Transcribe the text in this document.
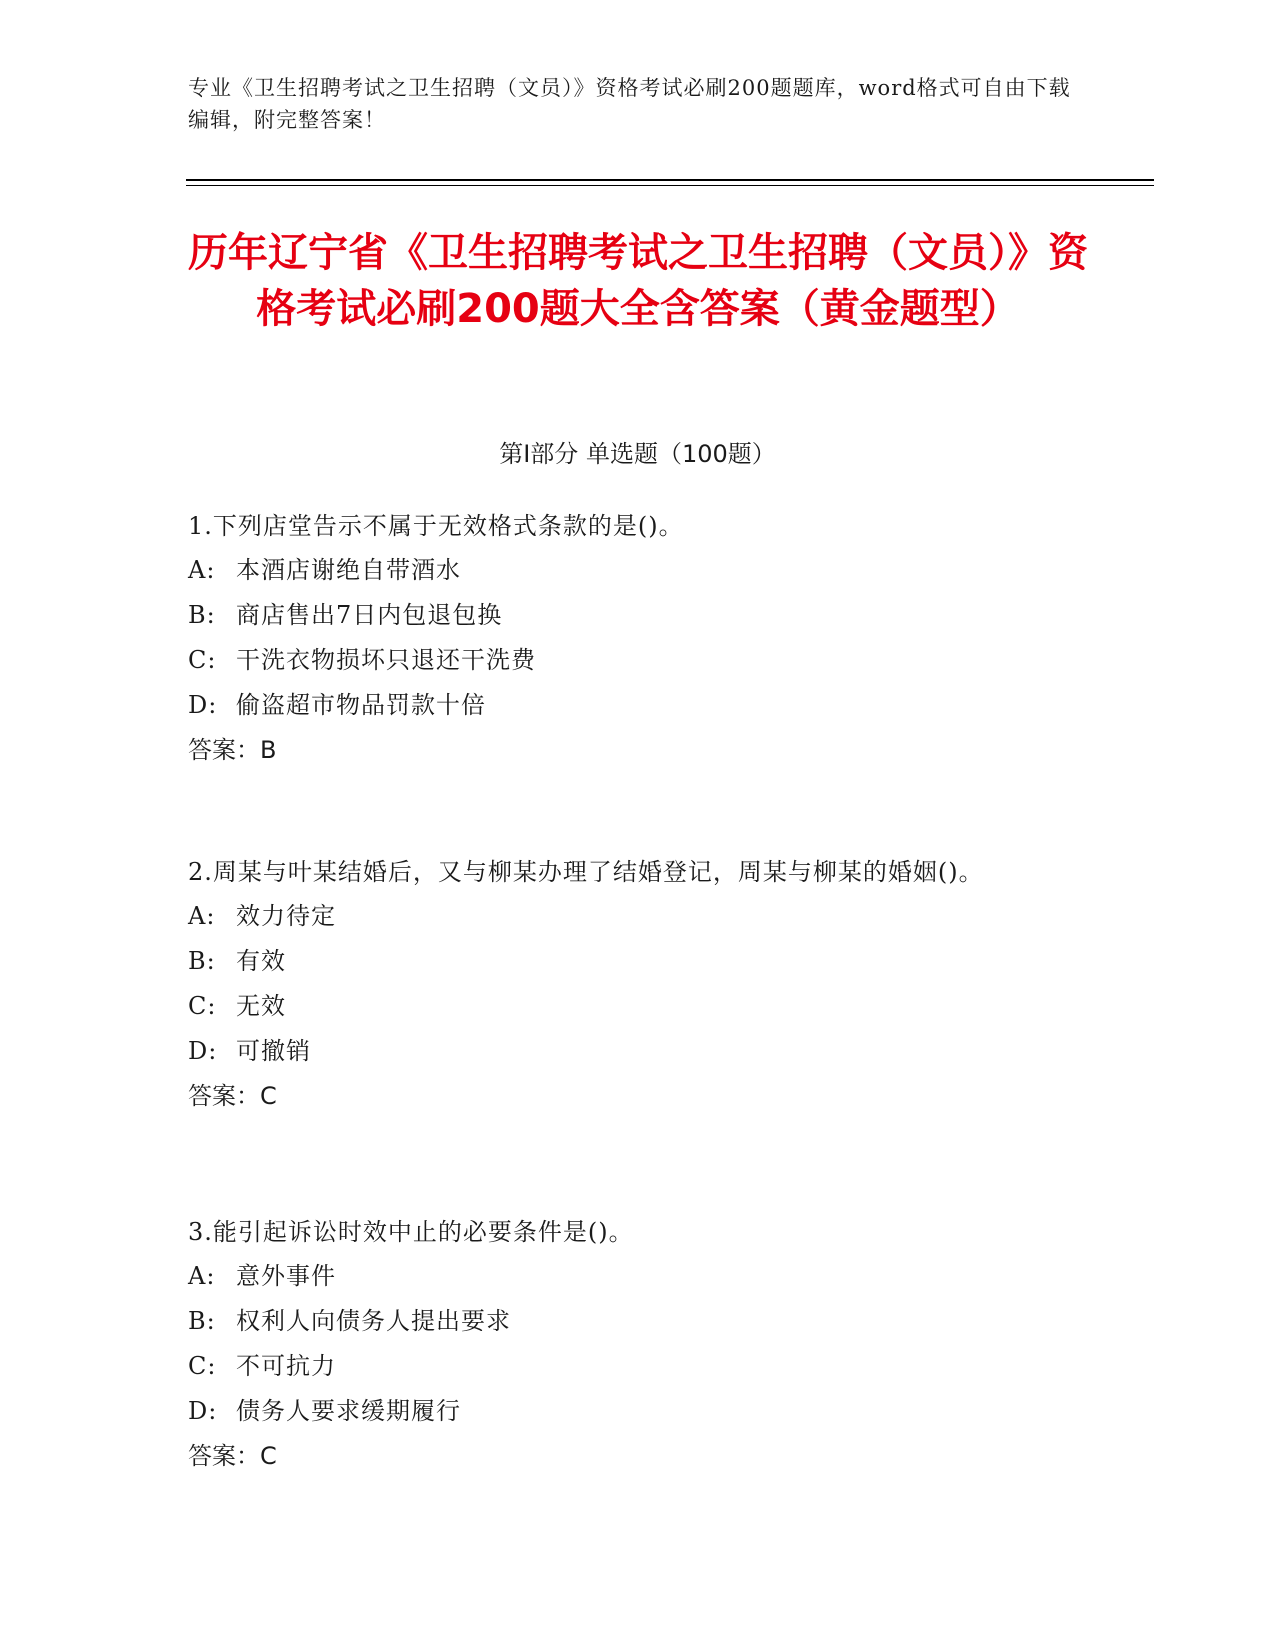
专业《卫生招聘考试之卫生招聘（文员）》资格考试必刷200题题库，word格式可自由下载编辑，附完整答案！
历年辽宁省《卫生招聘考试之卫生招聘（文员）》资格考试必刷200题大全含答案（黄金题型）
第I部分 单选题（100题）
1.下列店堂告示不属于无效格式条款的是()。
A: 本酒店谢绝自带酒水
B: 商店售出7日内包退包换
C: 干洗衣物损坏只退还干洗费
D: 偷盗超市物品罚款十倍
答案：B
2.周某与叶某结婚后，又与柳某办理了结婚登记，周某与柳某的婚姻()。
A: 效力待定
B: 有效
C: 无效
D: 可撤销
答案：C
3.能引起诉讼时效中止的必要条件是()。
A: 意外事件
B: 权利人向债务人提出要求
C: 不可抗力
D: 债务人要求缓期履行
答案：C
